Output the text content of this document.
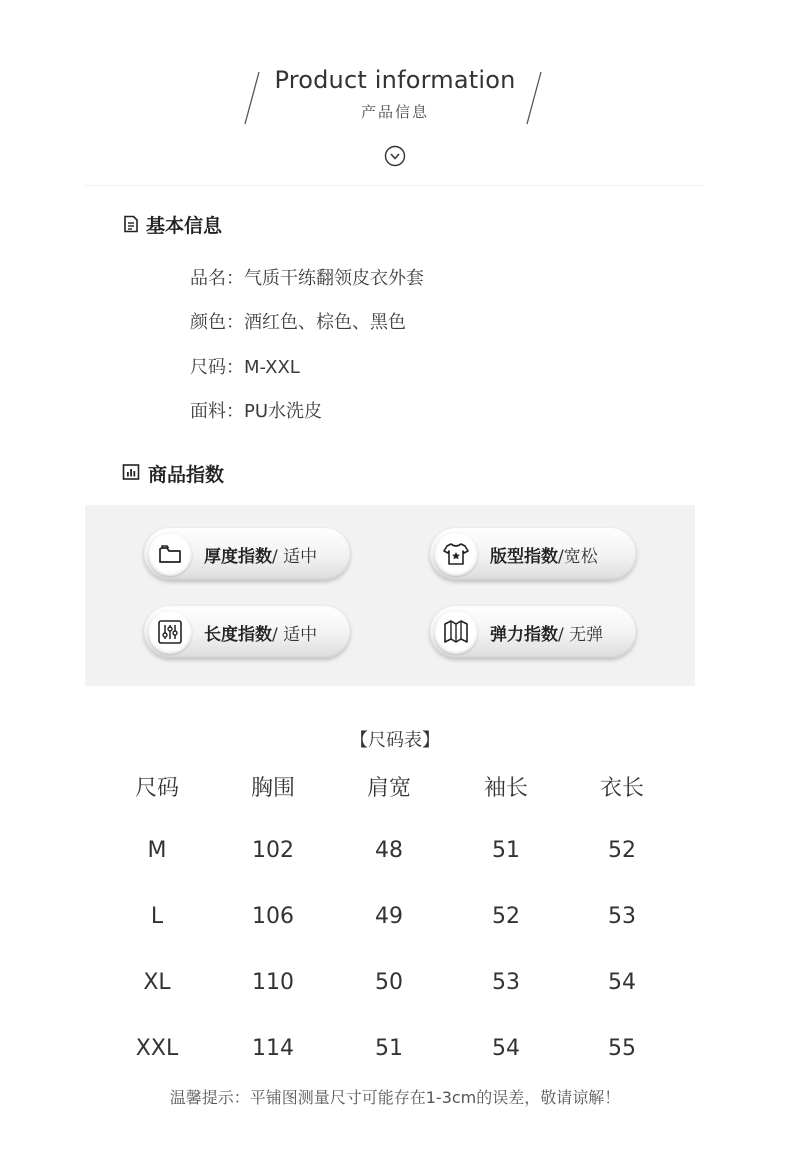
Product information
产品信息
基本信息
品名：气质干练翻领皮衣外套
颜色：酒红色、棕色、黑色
尺码：M-XXL
面料：PU水洗皮
商品指数
厚度指数/ 适中	版型指数/宽松
长度指数/ 适中	弹力指数/ 无弹
【尺码表】
尺码	胸围	肩宽	袖长	衣长
M	102	48	51	52
L	106	49	52	53
XL	110	50	53	54
XXL	114	51	54	55
温馨提示：平铺图测量尺寸可能存在1-3cm的误差，敬请谅解！
